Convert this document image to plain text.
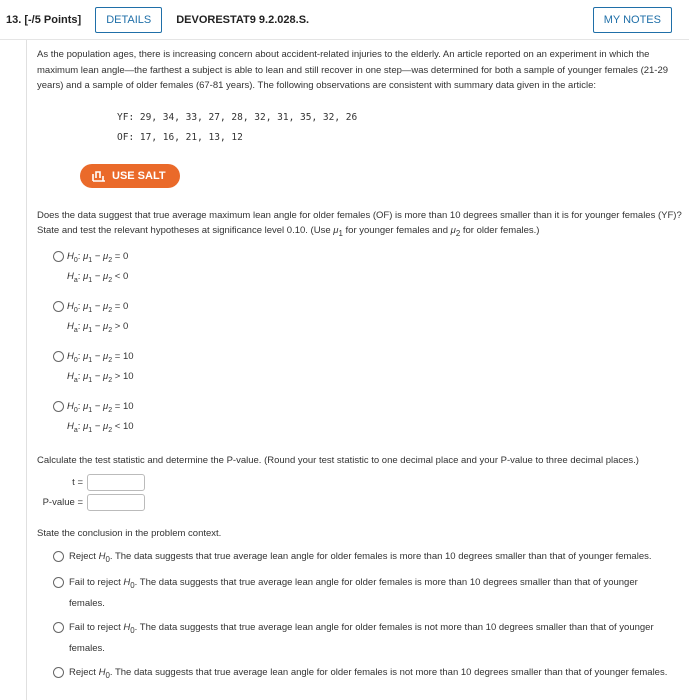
13. [-/5 Points]	DETAILS	DEVORESTAT9 9.2.028.S.	MY NOTES

As the population ages, there is increasing concern about accident-related injuries to the elderly. An article reported on an experiment in which the maximum lean angle—the farthest a subject is able to lean and still recover in one step—was determined for both a sample of younger females (21-29 years) and a sample of older females (67-81 years). The following observations are consistent with summary data given in the article:

YF: 29, 34, 33, 27, 28, 32, 31, 35, 32, 26
OF: 17, 16, 21, 13, 12
USE SALT

Does the data suggest that true average maximum lean angle for older females (OF) is more than 10 degrees smaller than it is for younger females (YF)? State and test the relevant hypotheses at significance level 0.10. (Use $\mu_1$ for younger females and $\mu_2$ for older females.)

$H_0$: $\mu_1 - \mu_2 = 0$
$H_a$: $\mu_1 - \mu_2 < 0$
$H_0$: $\mu_1 - \mu_2 = 0$
$H_a$: $\mu_1 - \mu_2 > 0$
$H_0$: $\mu_1 - \mu_2 = 10$
$H_a$: $\mu_1 - \mu_2 > 10$
$H_0$: $\mu_1 - \mu_2 = 10$
$H_a$: $\mu_1 - \mu_2 < 10$

Calculate the test statistic and determine the P-value. (Round your test statistic to one decimal place and your P-value to three decimal places.)

t =
P-value =

State the conclusion in the problem context.

Reject $H_0$. The data suggests that true average lean angle for older females is more than 10 degrees smaller than that of younger females.
Fail to reject $H_0$. The data suggests that true average lean angle for older females is more than 10 degrees smaller than that of younger females.
Fail to reject $H_0$. The data suggests that true average lean angle for older females is not more than 10 degrees smaller than that of younger females.
Reject $H_0$. The data suggests that true average lean angle for older females is not more than 10 degrees smaller than that of younger females.
